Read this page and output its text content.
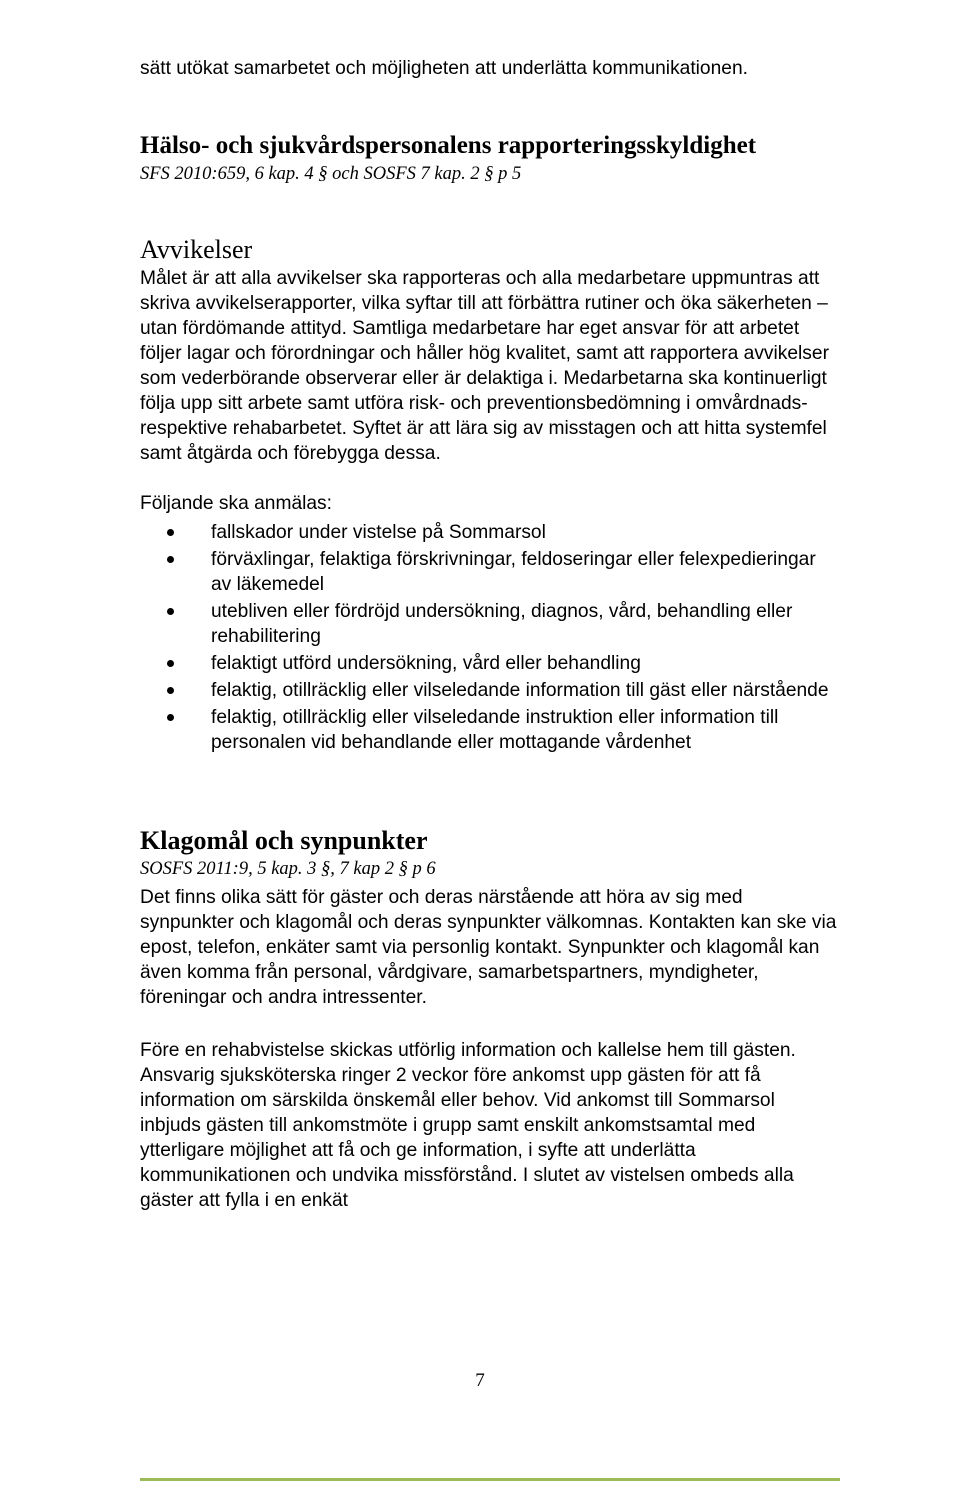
sätt utökat samarbetet och möjligheten att underlätta kommunikationen.

Hälso- och sjukvårdspersonalens rapporteringsskyldighet

SFS 2010:659, 6 kap. 4 § och SOSFS 7 kap. 2 § p 5

Avvikelser

Målet är att alla avvikelser ska rapporteras och alla medarbetare uppmuntras att skriva avvikelserapporter, vilka syftar till att förbättra rutiner och öka säkerheten – utan fördömande attityd. Samtliga medarbetare har eget ansvar för att arbetet följer lagar och förordningar och håller hög kvalitet, samt att rapportera avvikelser som vederbörande observerar eller är delaktiga i. Medarbetarna ska kontinuerligt följa upp sitt arbete samt utföra risk- och preventionsbedömning i omvårdnads- respektive rehabarbetet. Syftet är att lära sig av misstagen och att hitta systemfel samt åtgärda och förebygga dessa.

Följande ska anmälas:

fallskador under vistelse på Sommarsol
förväxlingar, felaktiga förskrivningar, feldoseringar eller felexpedieringar av läkemedel
utebliven eller fördröjd undersökning, diagnos, vård, behandling eller rehabilitering
felaktigt utförd undersökning, vård eller behandling
felaktig, otillräcklig eller vilseledande information till gäst eller närstående
felaktig, otillräcklig eller vilseledande instruktion eller information till personalen vid behandlande eller mottagande vårdenhet
Klagomål och synpunkter

SOSFS 2011:9, 5 kap. 3 §, 7 kap 2 § p 6

Det finns olika sätt för gäster och deras närstående att höra av sig med synpunkter och klagomål och deras synpunkter välkomnas. Kontakten kan ske via epost, telefon, enkäter samt via personlig kontakt. Synpunkter och klagomål kan även komma från personal, vårdgivare, samarbetspartners, myndigheter, föreningar och andra intressenter.

Före en rehabvistelse skickas utförlig information och kallelse hem till gästen. Ansvarig sjuksköterska ringer 2 veckor före ankomst upp gästen för att få information om särskilda önskemål eller behov. Vid ankomst till Sommarsol inbjuds gästen till ankomstmöte i grupp samt enskilt ankomstsamtal med ytterligare möjlighet att få och ge information, i syfte att underlätta kommunikationen och undvika missförstånd. I slutet av vistelsen ombeds alla gäster att fylla i en enkät

7
